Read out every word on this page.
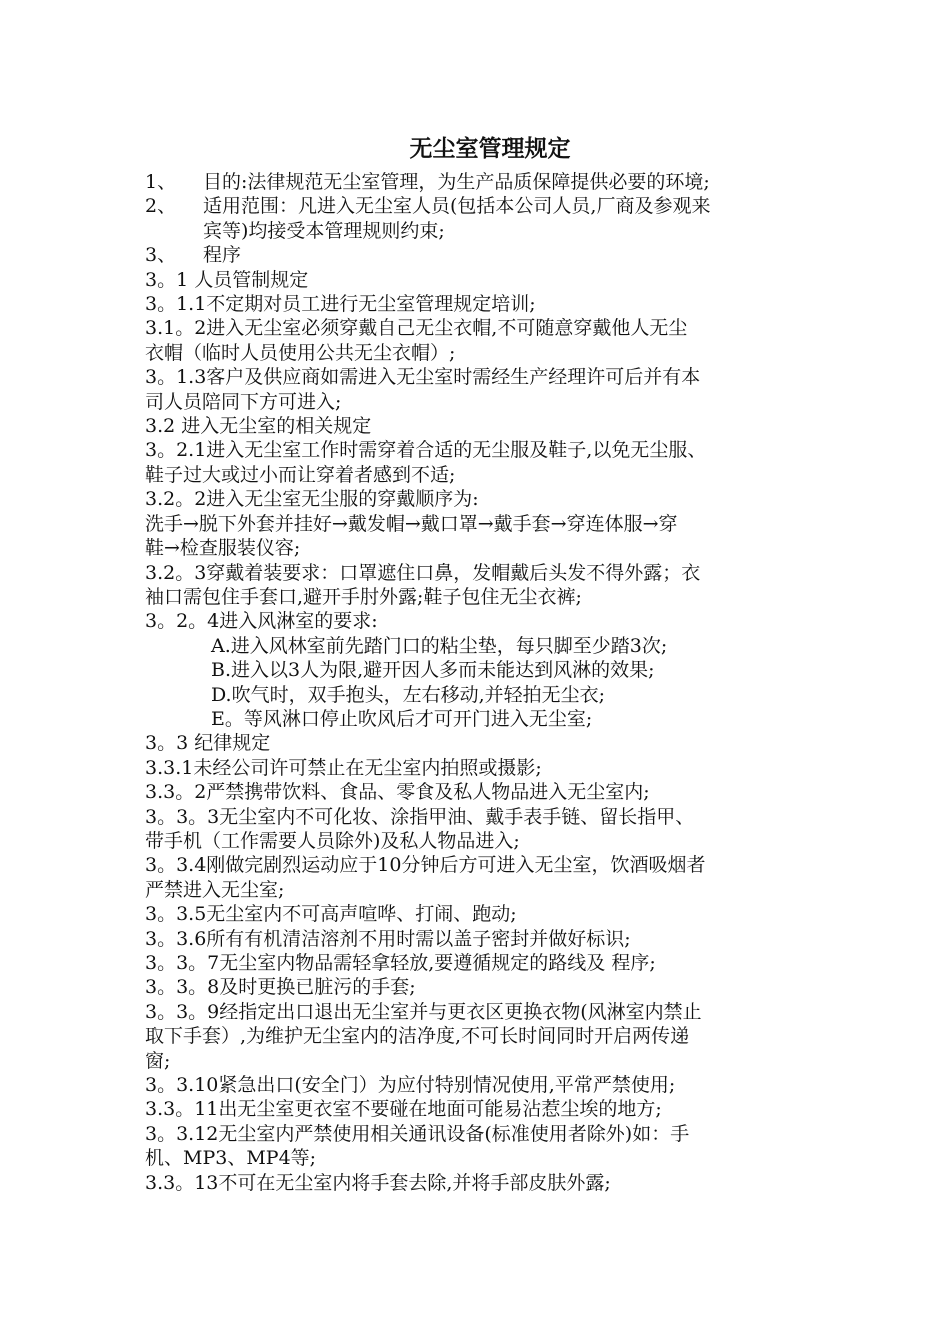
无尘室管理规定
1、 目的:法律规范无尘室管理，为生产品质保障提供必要的环境;
2、 适用范围：凡进入无尘室人员(包括本公司人员,厂商及参观来
宾等)均接受本管理规则约束;
3、 程序
3。1 人员管制规定
3。1.1不定期对员工进行无尘室管理规定培训;
3.1。2进入无尘室必须穿戴自己无尘衣帽,不可随意穿戴他人无尘
衣帽（临时人员使用公共无尘衣帽）;
3。1.3客户及供应商如需进入无尘室时需经生产经理许可后并有本
司人员陪同下方可进入;
3.2 进入无尘室的相关规定
3。2.1进入无尘室工作时需穿着合适的无尘服及鞋子,以免无尘服、
鞋子过大或过小而让穿着者感到不适;
3.2。2进入无尘室无尘服的穿戴顺序为:
洗手→脱下外套并挂好→戴发帽→戴口罩→戴手套→穿连体服→穿
鞋→检查服装仪容;
3.2。3穿戴着装要求：口罩遮住口鼻，发帽戴后头发不得外露；衣
袖口需包住手套口,避开手肘外露;鞋子包住无尘衣裤;
3。2。4进入风淋室的要求:
A.进入风林室前先踏门口的粘尘垫，每只脚至少踏3次;
B.进入以3人为限,避开因人多而未能达到风淋的效果;
D.吹气时，双手抱头，左右移动,并轻拍无尘衣;
E。等风淋口停止吹风后才可开门进入无尘室;
3。3 纪律规定
3.3.1未经公司许可禁止在无尘室内拍照或摄影;
3.3。2严禁携带饮料、食品、零食及私人物品进入无尘室内;
3。3。3无尘室内不可化妆、涂指甲油、戴手表手链、留长指甲、
带手机（工作需要人员除外)及私人物品进入;
3。3.4刚做完剧烈运动应于10分钟后方可进入无尘室，饮酒吸烟者
严禁进入无尘室;
3。3.5无尘室内不可高声喧哗、打闹、跑动;
3。3.6所有有机清洁溶剂不用时需以盖子密封并做好标识;
3。3。7无尘室内物品需轻拿轻放,要遵循规定的路线及 程序;
3。3。8及时更换已脏污的手套;
3。3。9经指定出口退出无尘室并与更衣区更换衣物(风淋室内禁止
取下手套）,为维护无尘室内的洁净度,不可长时间同时开启两传递
窗;
3。3.10紧急出口(安全门）为应付特别情况使用,平常严禁使用;
3.3。11出无尘室更衣室不要碰在地面可能易沾惹尘埃的地方;
3。3.12无尘室内严禁使用相关通讯设备(标准使用者除外)如：手
机、MP3、MP4等;
3.3。13不可在无尘室内将手套去除,并将手部皮肤外露;
